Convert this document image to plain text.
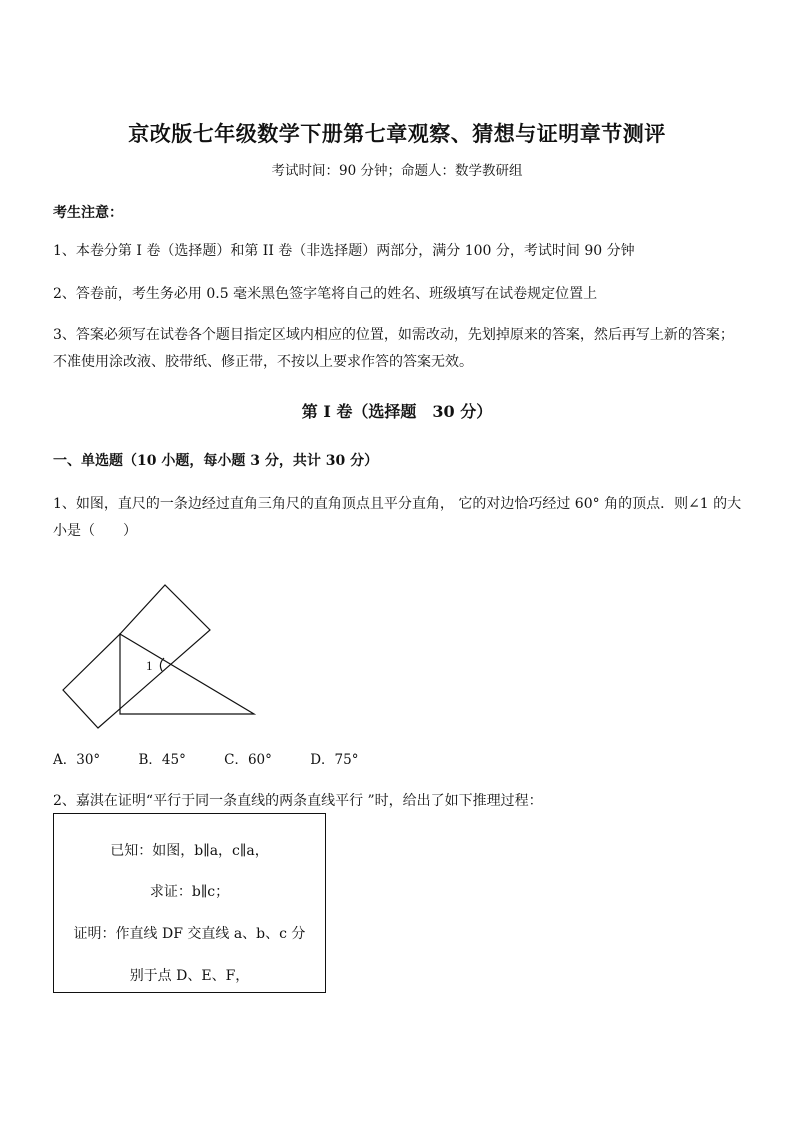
京改版七年级数学下册第七章观察、猜想与证明章节测评
考试时间：90 分钟；命题人：数学教研组
考生注意：
1、本卷分第 I 卷（选择题）和第 II 卷（非选择题）两部分，满分 100 分，考试时间 90 分钟
2、答卷前，考生务必用 0.5 毫米黑色签字笔将自己的姓名、班级填写在试卷规定位置上
3、答案必须写在试卷各个题目指定区域内相应的位置，如需改动，先划掉原来的答案，然后再写上新的答案；不准使用涂改液、胶带纸、修正带，不按以上要求作答的答案无效。
第 I 卷（选择题　30 分）
一、单选题（10 小题，每小题 3 分，共计 30 分）
1、如图，直尺的一条边经过直角三角尺的直角顶点且平分直角， 它的对边恰巧经过 60° 角的顶点．则∠1 的大小是（　　）
1
A．30°	B．45°	C．60°	D．75°
2、嘉淇在证明“平行于同一条直线的两条直线平行 ”时，给出了如下推理过程：
已知：如图，b∥a，c∥a，
求证：b∥c；
证明：作直线 DF 交直线 a、b、c 分
别于点 D、E、F，
